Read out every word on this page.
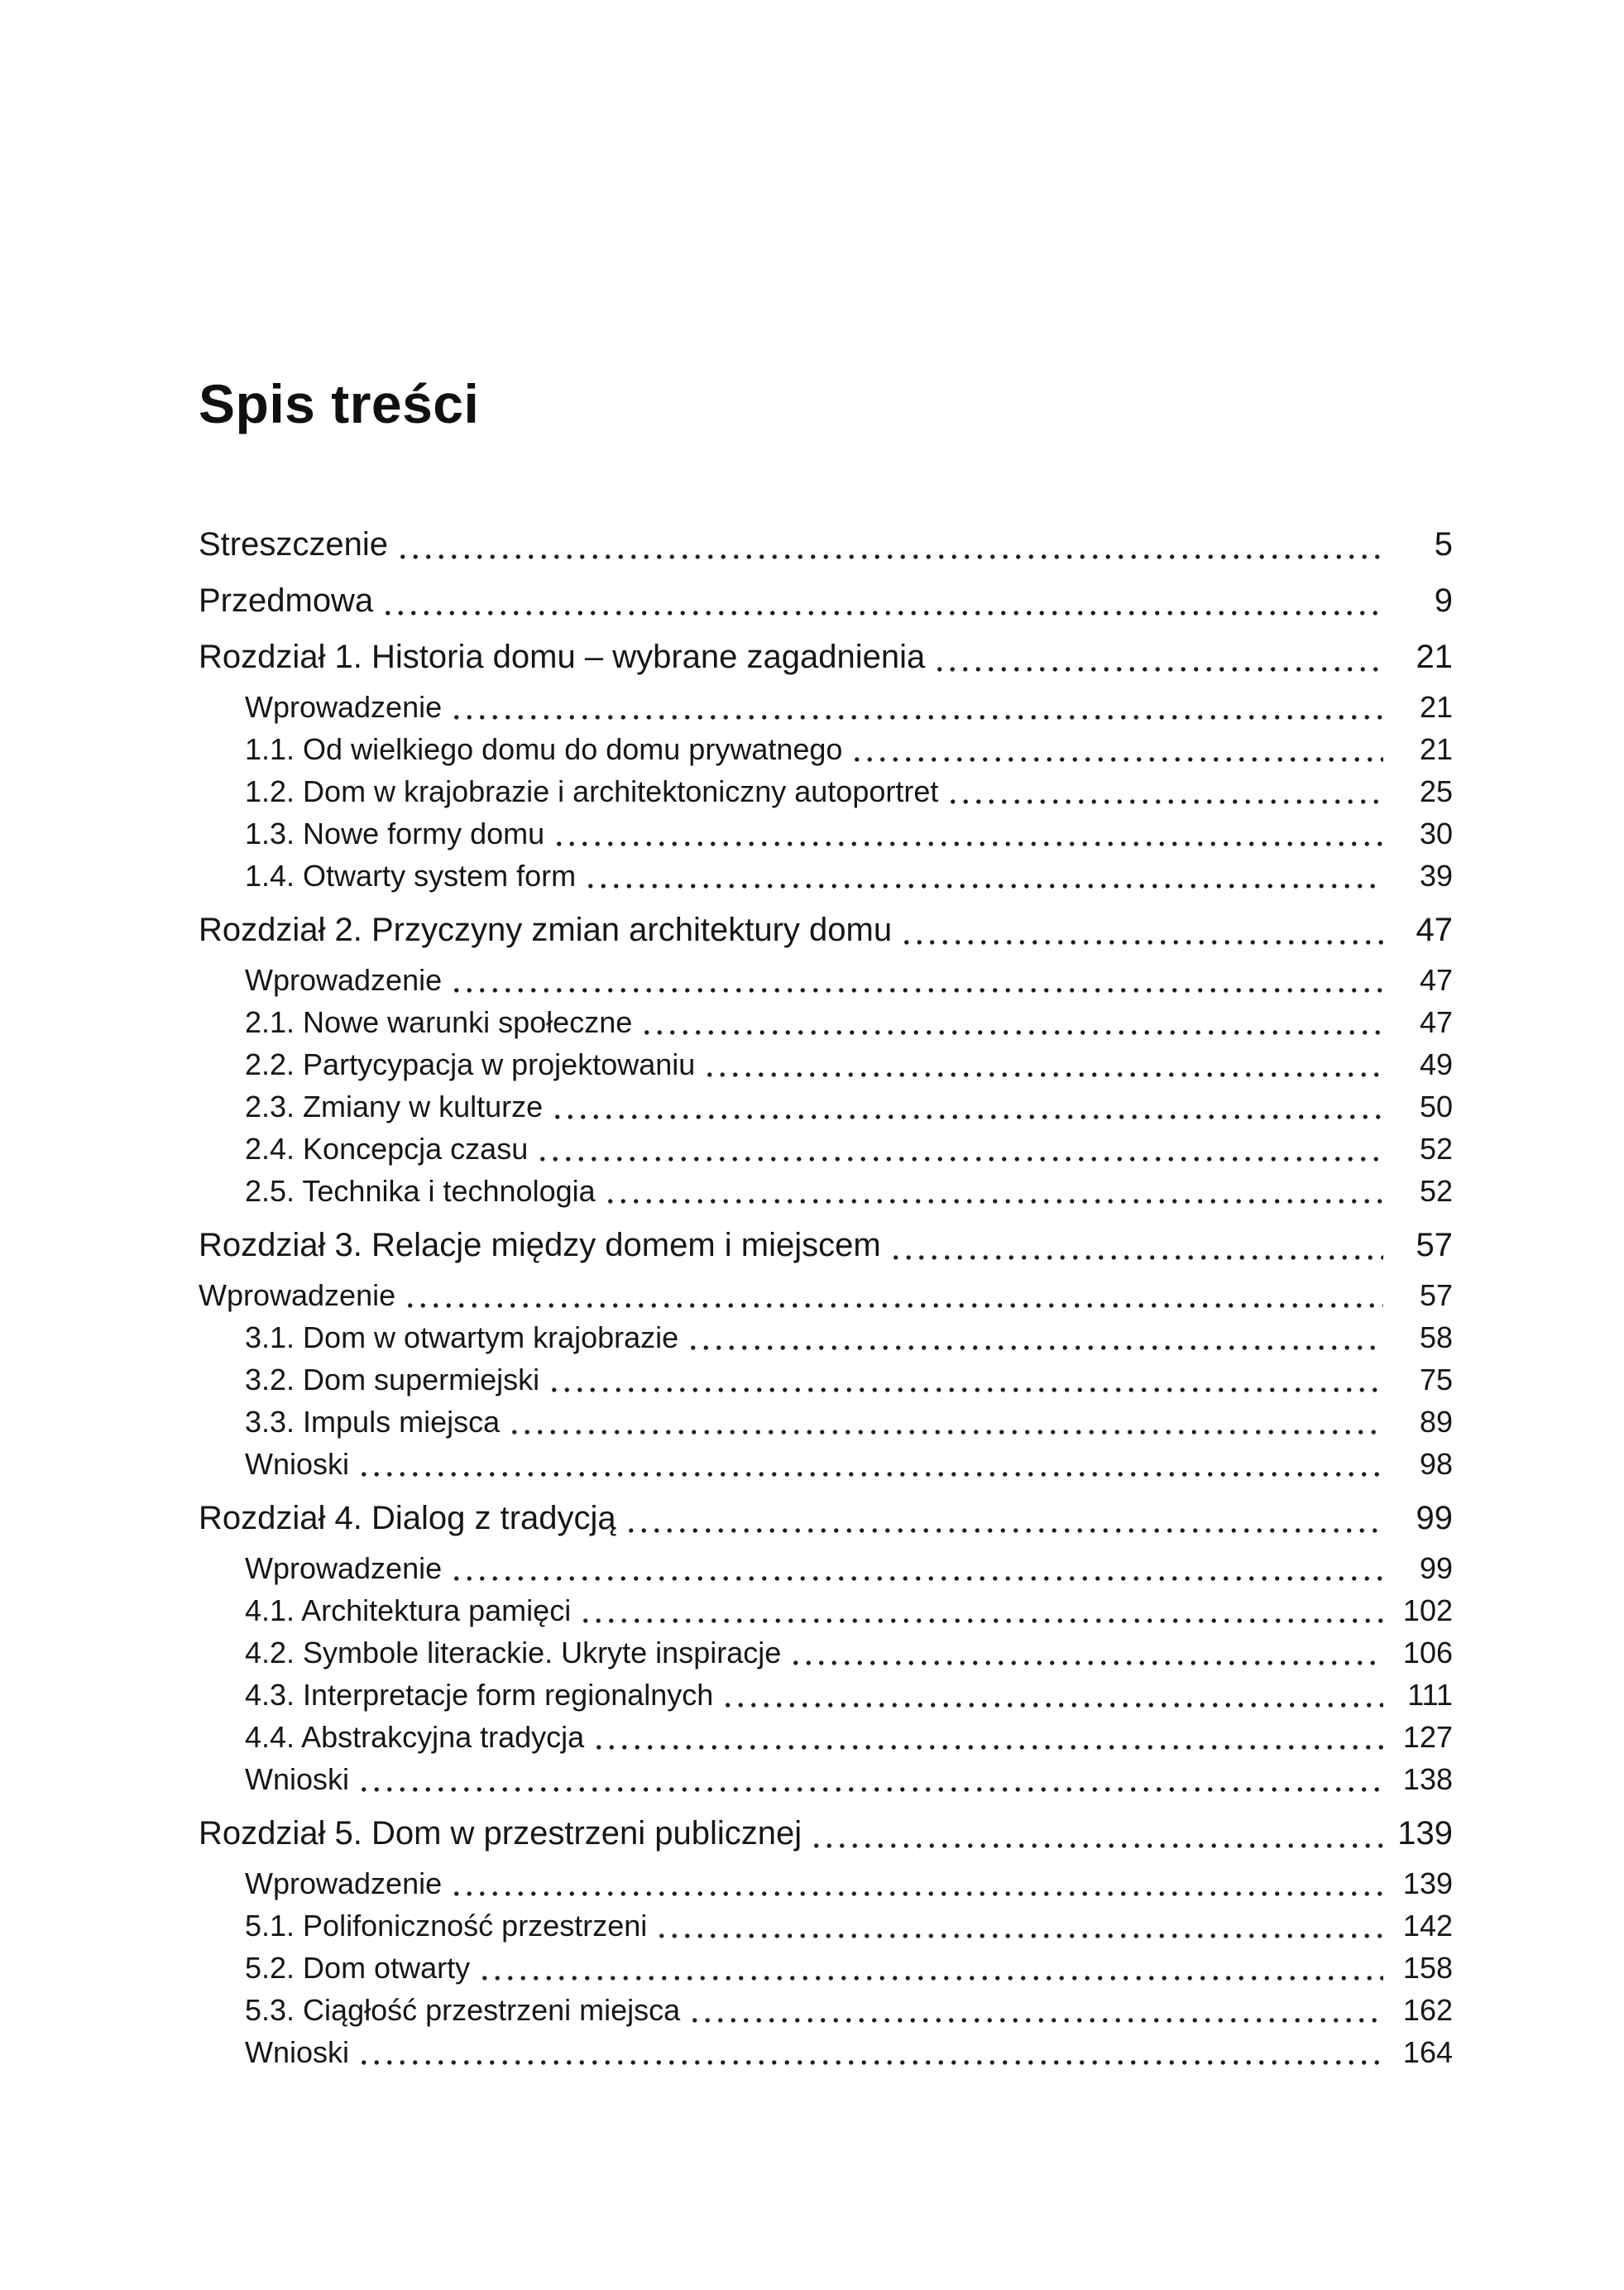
Spis treści
Streszczenie	5
Przedmowa	9
Rozdział 1. Historia domu – wybrane zagadnienia	21
Wprowadzenie	21
1.1. Od wielkiego domu do domu prywatnego	21
1.2. Dom w krajobrazie i architektoniczny autoportret	25
1.3. Nowe formy domu	30
1.4. Otwarty system form	39
Rozdział 2. Przyczyny zmian architektury domu	47
Wprowadzenie	47
2.1. Nowe warunki społeczne	47
2.2. Partycypacja w projektowaniu	49
2.3. Zmiany w kulturze	50
2.4. Koncepcja czasu	52
2.5. Technika i technologia	52
Rozdział 3. Relacje między domem i miejscem	57
Wprowadzenie	57
3.1. Dom w otwartym krajobrazie	58
3.2. Dom supermiejski	75
3.3. Impuls miejsca	89
Wnioski	98
Rozdział 4. Dialog z tradycją	99
Wprowadzenie	99
4.1. Architektura pamięci	102
4.2. Symbole literackie. Ukryte inspiracje	106
4.3. Interpretacje form regionalnych	111
4.4. Abstrakcyjna tradycja	127
Wnioski	138
Rozdział 5. Dom w przestrzeni publicznej	139
Wprowadzenie	139
5.1. Polifoniczność przestrzeni	142
5.2. Dom otwarty	158
5.3. Ciągłość przestrzeni miejsca	162
Wnioski	164
